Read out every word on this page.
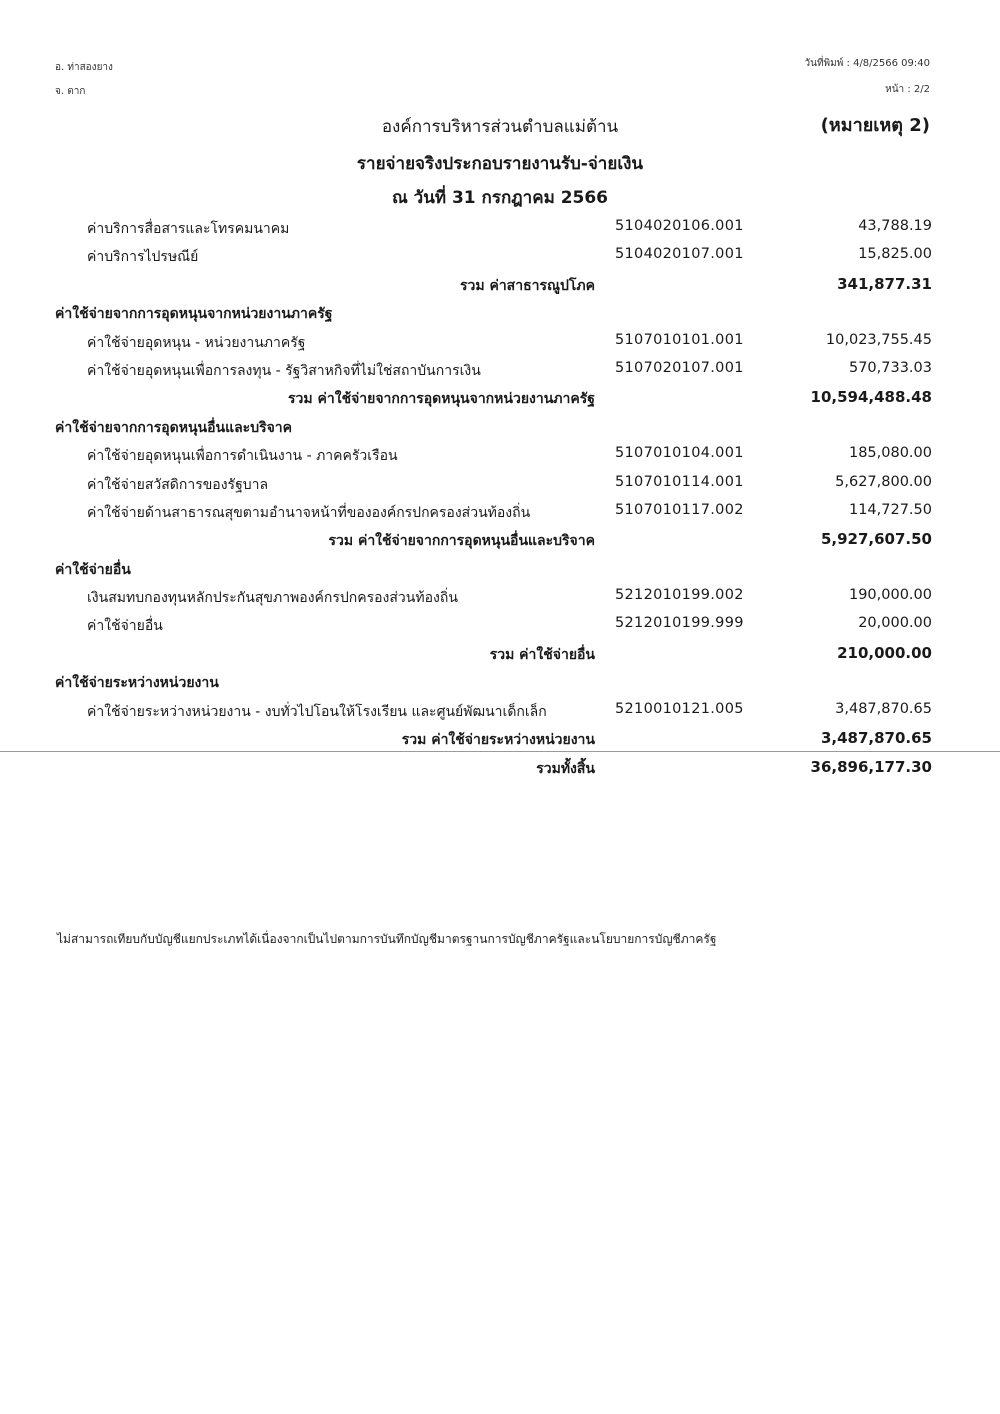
อ. ท่าสองยาง
จ. ตาก
วันที่พิมพ์ : 4/8/2566 09:40
หน้า : 2/2
องค์การบริหารส่วนตำบลแม่ต้าน	(หมายเหตุ 2)
รายจ่ายจริงประกอบรายงานรับ-จ่ายเงิน
ณ วันที่ 31 กรกฎาคม 2566
ค่าบริการสื่อสารและโทรคมนาคม	5104020106.001	43,788.19
ค่าบริการไปรษณีย์	5104020107.001	15,825.00
รวม ค่าสาธารณูปโภค	341,877.31
ค่าใช้จ่ายจากการอุดหนุนจากหน่วยงานภาครัฐ
ค่าใช้จ่ายอุดหนุน - หน่วยงานภาครัฐ	5107010101.001	10,023,755.45
ค่าใช้จ่ายอุดหนุนเพื่อการลงทุน - รัฐวิสาหกิจที่ไม่ใช่สถาบันการเงิน	5107020107.001	570,733.03
รวม ค่าใช้จ่ายจากการอุดหนุนจากหน่วยงานภาครัฐ	10,594,488.48
ค่าใช้จ่ายจากการอุดหนุนอื่นและบริจาค
ค่าใช้จ่ายอุดหนุนเพื่อการดำเนินงาน - ภาคครัวเรือน	5107010104.001	185,080.00
ค่าใช้จ่ายสวัสดิการของรัฐบาล	5107010114.001	5,627,800.00
ค่าใช้จ่ายด้านสาธารณสุขตามอำนาจหน้าที่ขององค์กรปกครองส่วนท้องถิ่น	5107010117.002	114,727.50
รวม ค่าใช้จ่ายจากการอุดหนุนอื่นและบริจาค	5,927,607.50
ค่าใช้จ่ายอื่น
เงินสมทบกองทุนหลักประกันสุขภาพองค์กรปกครองส่วนท้องถิ่น	5212010199.002	190,000.00
ค่าใช้จ่ายอื่น	5212010199.999	20,000.00
รวม ค่าใช้จ่ายอื่น	210,000.00
ค่าใช้จ่ายระหว่างหน่วยงาน
ค่าใช้จ่ายระหว่างหน่วยงาน - งบทั่วไปโอนให้โรงเรียน และศูนย์พัฒนาเด็กเล็ก	5210010121.005	3,487,870.65
รวม ค่าใช้จ่ายระหว่างหน่วยงาน	3,487,870.65
รวมทั้งสิ้น	36,896,177.30
ไม่สามารถเทียบกับบัญชีแยกประเภทได้เนื่องจากเป็นไปตามการบันทึกบัญชีมาตรฐานการบัญชีภาครัฐและนโยบายการบัญชีภาครัฐ
